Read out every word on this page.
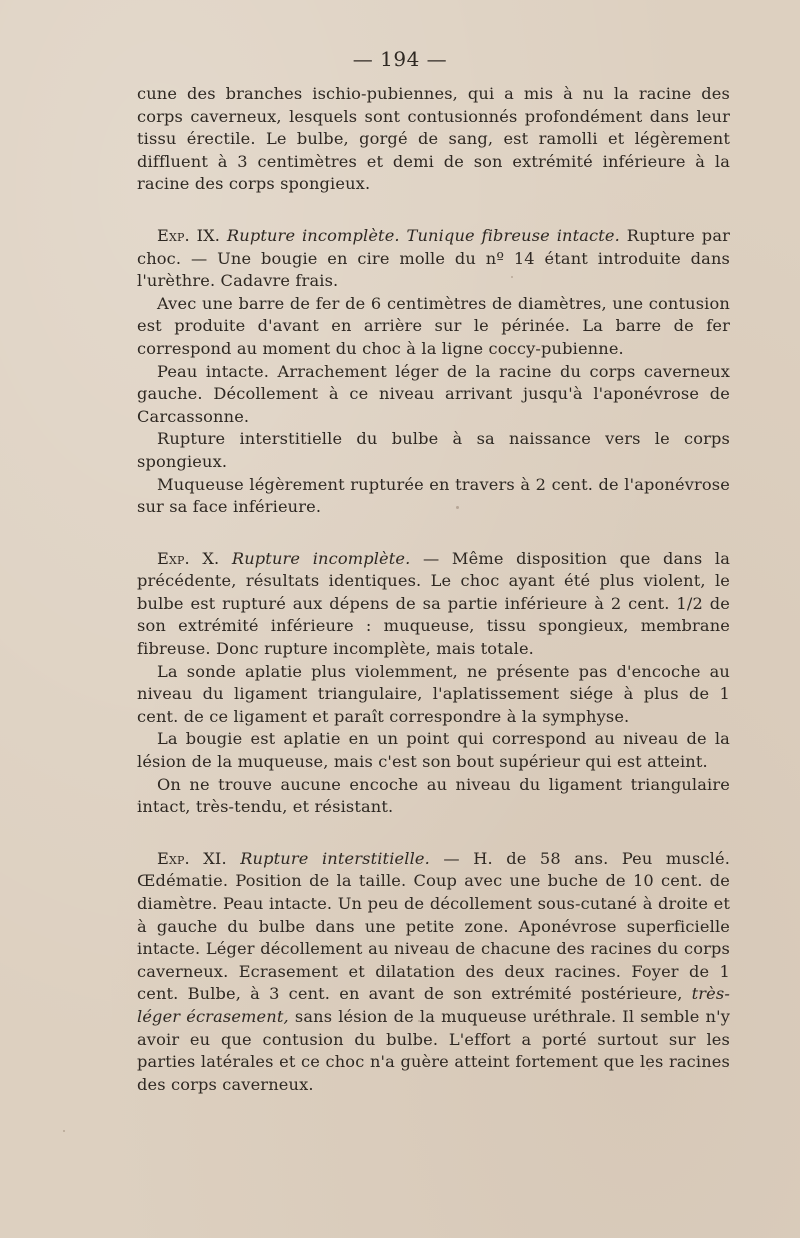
— 194 —

cune des branches ischio-pubiennes, qui a mis à nu la racine des corps caverneux, lesquels sont contusionnés profondément dans leur tissu érectile. Le bulbe, gorgé de sang, est ramolli et légèrement diffluent à 3 centimètres et demi de son extrémité inférieure à la racine des corps spongieux.

Exp. IX. Rupture incomplète. Tunique fibreuse intacte. Rupture par choc. — Une bougie en cire molle du nº 14 étant introduite dans l'urèthre. Cadavre frais.

Avec une barre de fer de 6 centimètres de diamètres, une contusion est produite d'avant en arrière sur le périnée. La barre de fer correspond au moment du choc à la ligne coccy-pubienne.

Peau intacte. Arrachement léger de la racine du corps caverneux gauche. Décollement à ce niveau arrivant jusqu'à l'aponévrose de Carcassonne.

Rupture interstitielle du bulbe à sa naissance vers le corps spongieux.

Muqueuse légèrement rupturée en travers à 2 cent. de l'aponévrose sur sa face inférieure.

Exp. X. Rupture incomplète. — Même disposition que dans la précédente, résultats identiques. Le choc ayant été plus violent, le bulbe est rupturé aux dépens de sa partie inférieure à 2 cent. 1/2 de son extrémité inférieure : muqueuse, tissu spongieux, membrane fibreuse. Donc rupture incomplète, mais totale.

La sonde aplatie plus violemment, ne présente pas d'encoche au niveau du ligament triangulaire, l'aplatissement siége à plus de 1 cent. de ce ligament et paraît correspondre à la symphyse.

La bougie est aplatie en un point qui correspond au niveau de la lésion de la muqueuse, mais c'est son bout supérieur qui est atteint.

On ne trouve aucune encoche au niveau du ligament triangulaire intact, très-tendu, et résistant.

Exp. XI. Rupture interstitielle. — H. de 58 ans. Peu musclé. Œdématie. Position de la taille. Coup avec une buche de 10 cent. de diamètre. Peau intacte. Un peu de décollement sous-cutané à droite et à gauche du bulbe dans une petite zone. Aponévrose superficielle intacte. Léger décollement au niveau de chacune des racines du corps caverneux. Ecrasement et dilatation des deux racines. Foyer de 1 cent. Bulbe, à 3 cent. en avant de son extrémité postérieure, très-léger écrasement, sans lésion de la muqueuse uréthrale. Il semble n'y avoir eu que contusion du bulbe. L'effort a porté surtout sur les parties latérales et ce choc n'a guère atteint fortement que les racines des corps caverneux.
